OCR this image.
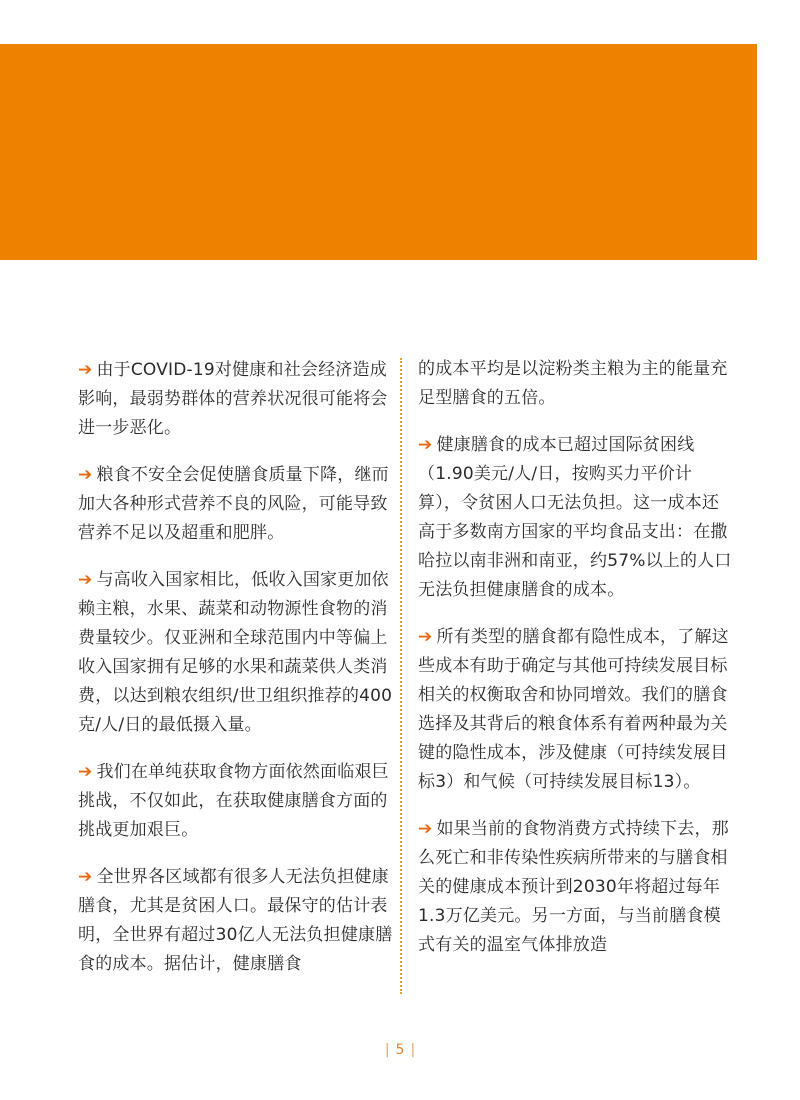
➔ 由于COVID-19对健康和社会经济造成影响，最弱势群体的营养状况很可能将会进一步恶化。

➔ 粮食不安全会促使膳食质量下降，继而加大各种形式营养不良的风险，可能导致营养不足以及超重和肥胖。

➔ 与高收入国家相比，低收入国家更加依赖主粮，水果、蔬菜和动物源性食物的消费量较少。仅亚洲和全球范围内中等偏上收入国家拥有足够的水果和蔬菜供人类消费，以达到粮农组织/世卫组织推荐的400克/人/日的最低摄入量。

➔ 我们在单纯获取食物方面依然面临艰巨挑战，不仅如此，在获取健康膳食方面的挑战更加艰巨。

➔ 全世界各区域都有很多人无法负担健康膳食，尤其是贫困人口。最保守的估计表明，全世界有超过30亿人无法负担健康膳食的成本。据估计，健康膳食

的成本平均是以淀粉类主粮为主的能量充足型膳食的五倍。

➔ 健康膳食的成本已超过国际贫困线（1.90美元/人/日，按购买力平价计算），令贫困人口无法负担。这一成本还高于多数南方国家的平均食品支出：在撒哈拉以南非洲和南亚，约57%以上的人口无法负担健康膳食的成本。

➔ 所有类型的膳食都有隐性成本，了解这些成本有助于确定与其他可持续发展目标相关的权衡取舍和协同增效。我们的膳食选择及其背后的粮食体系有着两种最为关键的隐性成本，涉及健康（可持续发展目标3）和气候（可持续发展目标13）。

➔ 如果当前的食物消费方式持续下去，那么死亡和非传染性疾病所带来的与膳食相关的健康成本预计到2030年将超过每年1.3万亿美元。另一方面，与当前膳食模式有关的温室气体排放造

| 5 |
